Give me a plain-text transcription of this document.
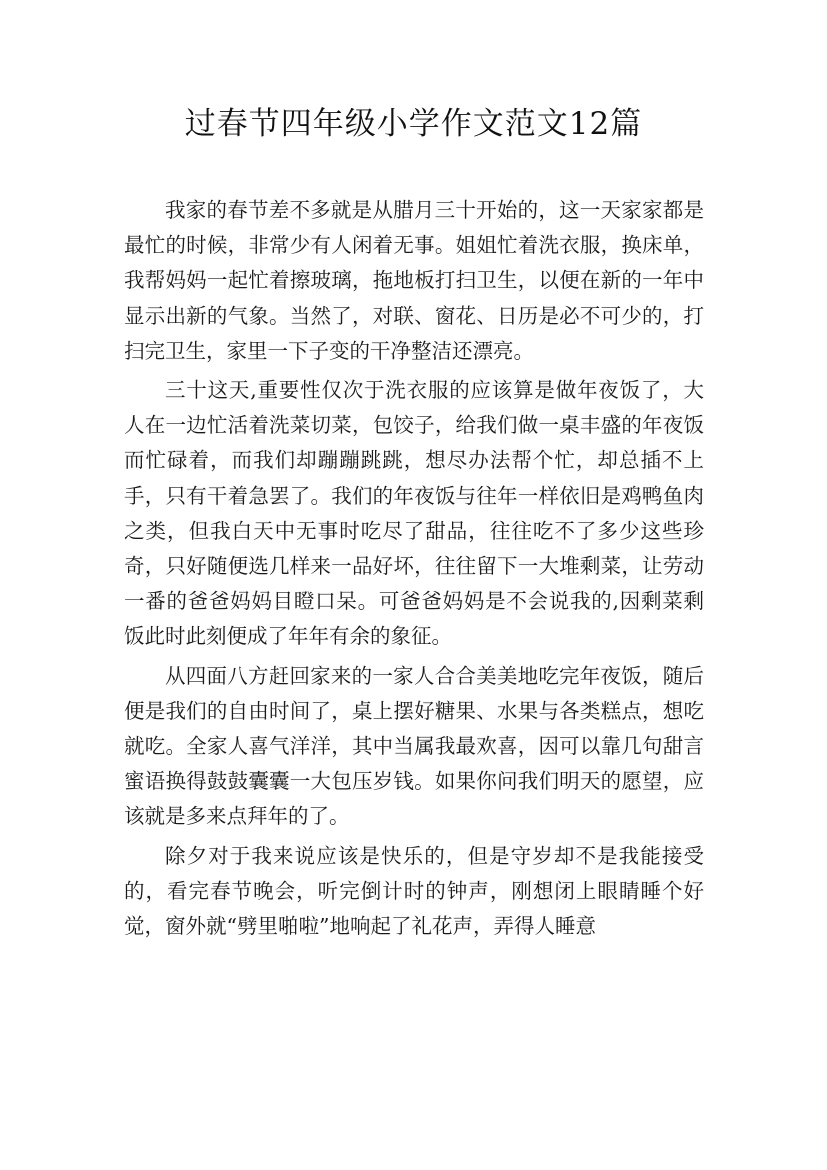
过春节四年级小学作文范文12篇

我家的春节差不多就是从腊月三十开始的，这一天家家都是最忙的时候，非常少有人闲着无事。姐姐忙着洗衣服，换床单，我帮妈妈一起忙着擦玻璃，拖地板打扫卫生，以便在新的一年中显示出新的气象。当然了，对联、窗花、日历是必不可少的，打扫完卫生，家里一下子变的干净整洁还漂亮。

三十这天,重要性仅次于洗衣服的应该算是做年夜饭了，大人在一边忙活着洗菜切菜，包饺子，给我们做一桌丰盛的年夜饭而忙碌着，而我们却蹦蹦跳跳，想尽办法帮个忙，却总插不上手，只有干着急罢了。我们的年夜饭与往年一样依旧是鸡鸭鱼肉之类，但我白天中无事时吃尽了甜品，往往吃不了多少这些珍奇，只好随便选几样来一品好坏，往往留下一大堆剩菜，让劳动一番的爸爸妈妈目瞪口呆。可爸爸妈妈是不会说我的,因剩菜剩饭此时此刻便成了年年有余的象征。

从四面八方赶回家来的一家人合合美美地吃完年夜饭，随后便是我们的自由时间了，桌上摆好糖果、水果与各类糕点，想吃就吃。全家人喜气洋洋，其中当属我最欢喜，因可以靠几句甜言蜜语换得鼓鼓囊囊一大包压岁钱。如果你问我们明天的愿望，应该就是多来点拜年的了。

除夕对于我来说应该是快乐的，但是守岁却不是我能接受的，看完春节晚会，听完倒计时的钟声，刚想闭上眼睛睡个好觉，窗外就“劈里啪啦”地响起了礼花声，弄得人睡意
